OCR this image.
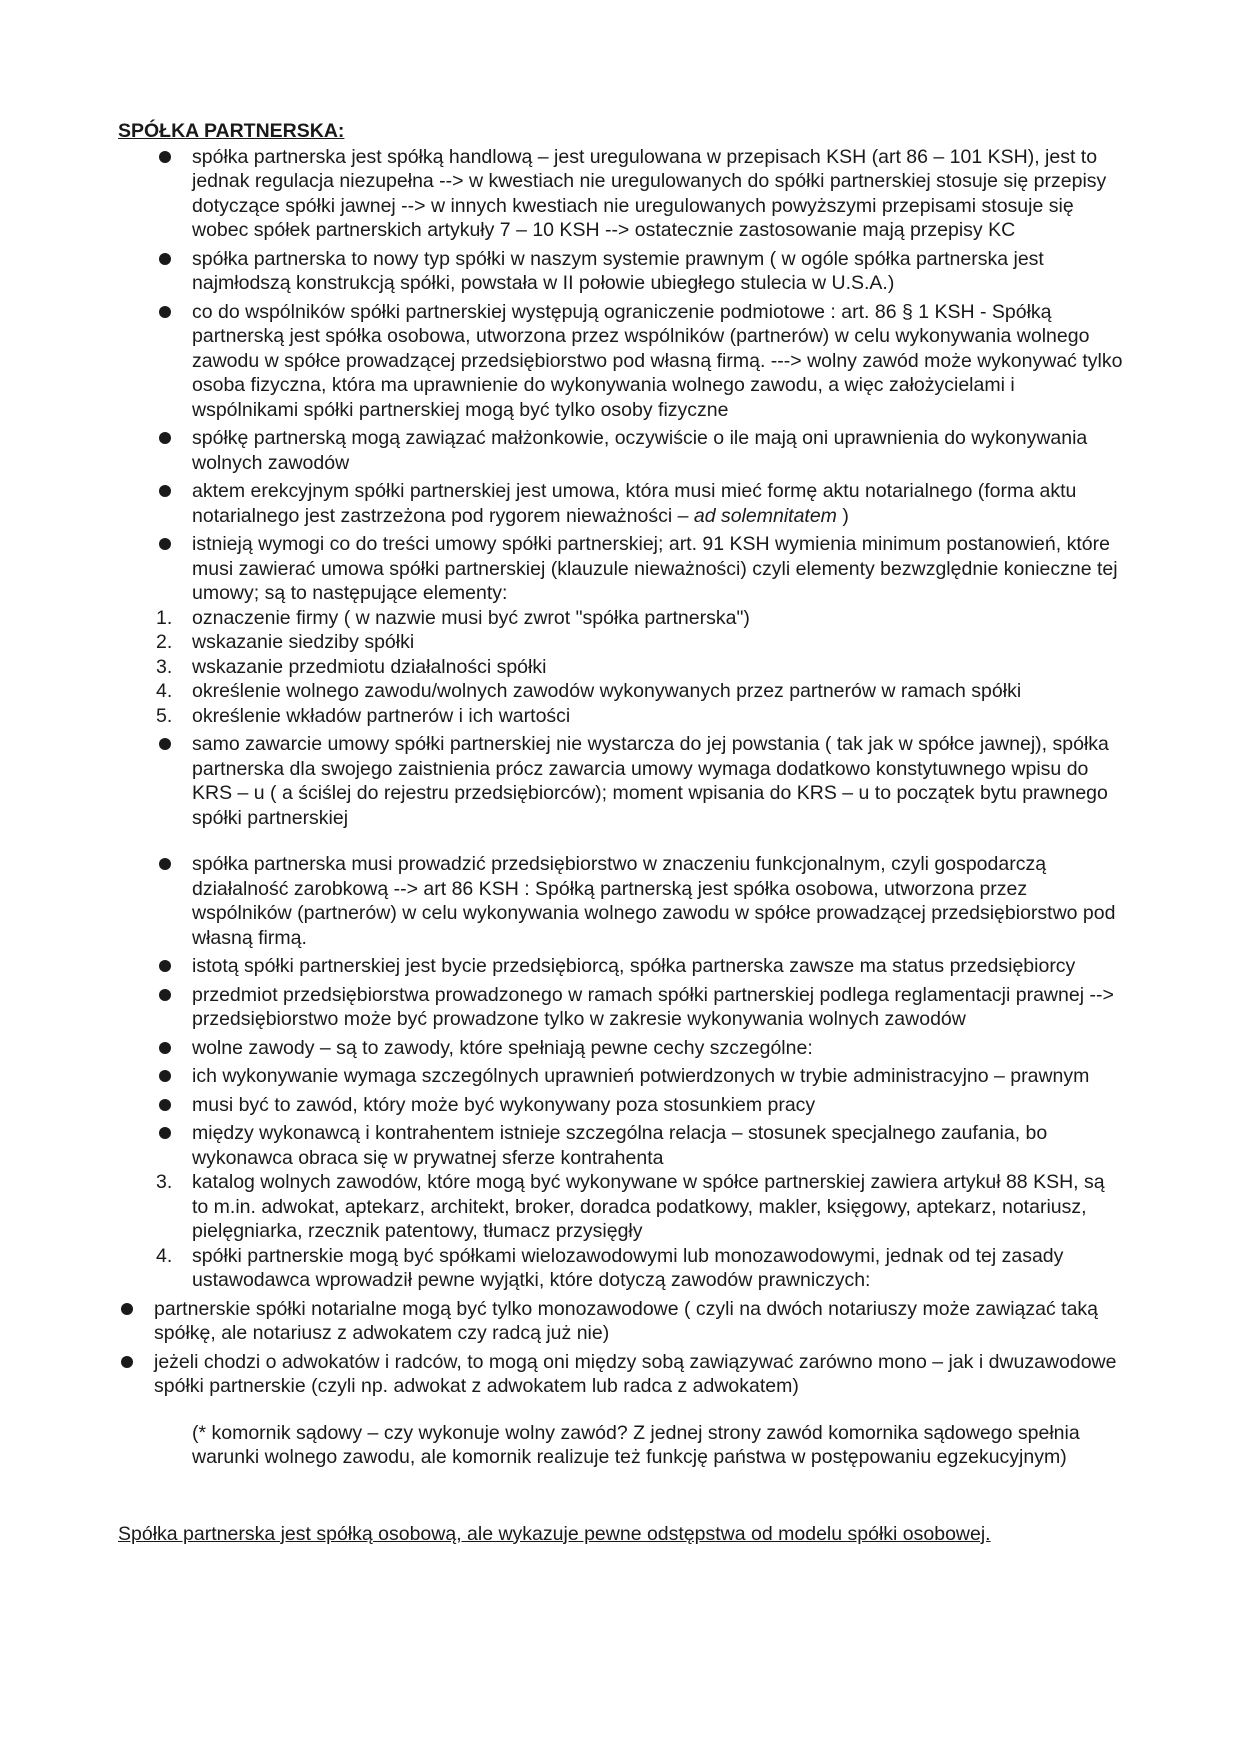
SPÓŁKA PARTNERSKA:

spółka partnerska jest spółką handlową – jest uregulowana w przepisach KSH (art 86 – 101 KSH), jest to jednak regulacja niezupełna --> w kwestiach nie uregulowanych do spółki partnerskiej stosuje się przepisy dotyczące spółki jawnej --> w innych kwestiach nie uregulowanych powyższymi przepisami stosuje się wobec spółek partnerskich artykuły 7 – 10 KSH --> ostatecznie zastosowanie mają przepisy KC

spółka partnerska to nowy typ spółki w naszym systemie prawnym ( w ogóle spółka partnerska jest najmłodszą konstrukcją spółki, powstała w II połowie ubiegłego stulecia w U.S.A.)

co do wspólników spółki partnerskiej występują ograniczenie podmiotowe : art. 86 § 1 KSH - Spółką partnerską jest spółka osobowa, utworzona przez wspólników (partnerów) w celu wykonywania wolnego zawodu w spółce prowadzącej przedsiębiorstwo pod własną firmą. ---> wolny zawód może wykonywać tylko osoba fizyczna, która ma uprawnienie do wykonywania wolnego zawodu, a więc założycielami i wspólnikami spółki partnerskiej mogą być tylko osoby fizyczne

spółkę partnerską mogą zawiązać małżonkowie, oczywiście o ile mają oni uprawnienia do wykonywania wolnych zawodów

aktem erekcyjnym spółki partnerskiej jest umowa, która musi mieć formę aktu notarialnego (forma aktu notarialnego jest zastrzeżona pod rygorem nieważności – ad solemnitatem )

istnieją wymogi co do treści umowy spółki partnerskiej; art. 91 KSH wymienia minimum postanowień, które musi zawierać umowa spółki partnerskiej (klauzule nieważności) czyli elementy bezwzględnie konieczne tej umowy; są to następujące elementy:

1. oznaczenie firmy ( w nazwie musi być zwrot "spółka partnerska")

2. wskazanie siedziby spółki

3. wskazanie przedmiotu działalności spółki

4. określenie wolnego zawodu/wolnych zawodów wykonywanych przez partnerów w ramach spółki

5. określenie wkładów partnerów i ich wartości

samo zawarcie umowy spółki partnerskiej nie wystarcza do jej powstania ( tak jak w spółce jawnej), spółka partnerska dla swojego zaistnienia prócz zawarcia umowy wymaga dodatkowo konstytuwnego wpisu do KRS – u ( a ściślej do rejestru przedsiębiorców); moment wpisania do KRS – u to początek bytu prawnego spółki partnerskiej

spółka partnerska musi prowadzić przedsiębiorstwo w znaczeniu funkcjonalnym, czyli gospodarczą działalność zarobkową --> art 86 KSH : Spółką partnerską jest spółka osobowa, utworzona przez wspólników (partnerów) w celu wykonywania wolnego zawodu w spółce prowadzącej przedsiębiorstwo pod własną firmą.

istotą spółki partnerskiej jest bycie przedsiębiorcą, spółka partnerska zawsze ma status przedsiębiorcy

przedmiot przedsiębiorstwa prowadzonego w ramach spółki partnerskiej podlega reglamentacji prawnej --> przedsiębiorstwo może być prowadzone tylko w zakresie wykonywania wolnych zawodów

wolne zawody – są to zawody, które spełniają pewne cechy szczególne:

ich wykonywanie wymaga szczególnych uprawnień potwierdzonych w trybie administracyjno – prawnym

musi być to zawód, który może być wykonywany poza stosunkiem pracy

między wykonawcą i kontrahentem istnieje szczególna relacja – stosunek specjalnego zaufania, bo wykonawca obraca się w prywatnej sferze kontrahenta

3. katalog wolnych zawodów, które mogą być wykonywane w spółce partnerskiej zawiera artykuł 88 KSH, są to m.in. adwokat, aptekarz, architekt, broker, doradca podatkowy, makler, księgowy, aptekarz, notariusz, pielęgniarka, rzecznik patentowy, tłumacz przysięgły

4. spółki partnerskie mogą być spółkami wielozawodowymi lub monozawodowymi, jednak od tej zasady ustawodawca wprowadził pewne wyjątki, które dotyczą zawodów prawniczych:

partnerskie spółki notarialne mogą być tylko monozawodowe ( czyli na dwóch notariuszy może zawiązać taką spółkę, ale notariusz z adwokatem czy radcą już nie)

jeżeli chodzi o adwokatów i radców, to mogą oni między sobą zawiązywać zarówno mono – jak i dwuzawodowe spółki partnerskie (czyli np. adwokat z adwokatem lub radca z adwokatem)

(* komornik sądowy – czy wykonuje wolny zawód? Z jednej strony zawód komornika sądowego spełnia warunki wolnego zawodu, ale komornik realizuje też funkcję państwa w postępowaniu egzekucyjnym)
Spółka partnerska jest spółką osobową, ale wykazuje pewne odstępstwa od modelu spółki osobowej.
